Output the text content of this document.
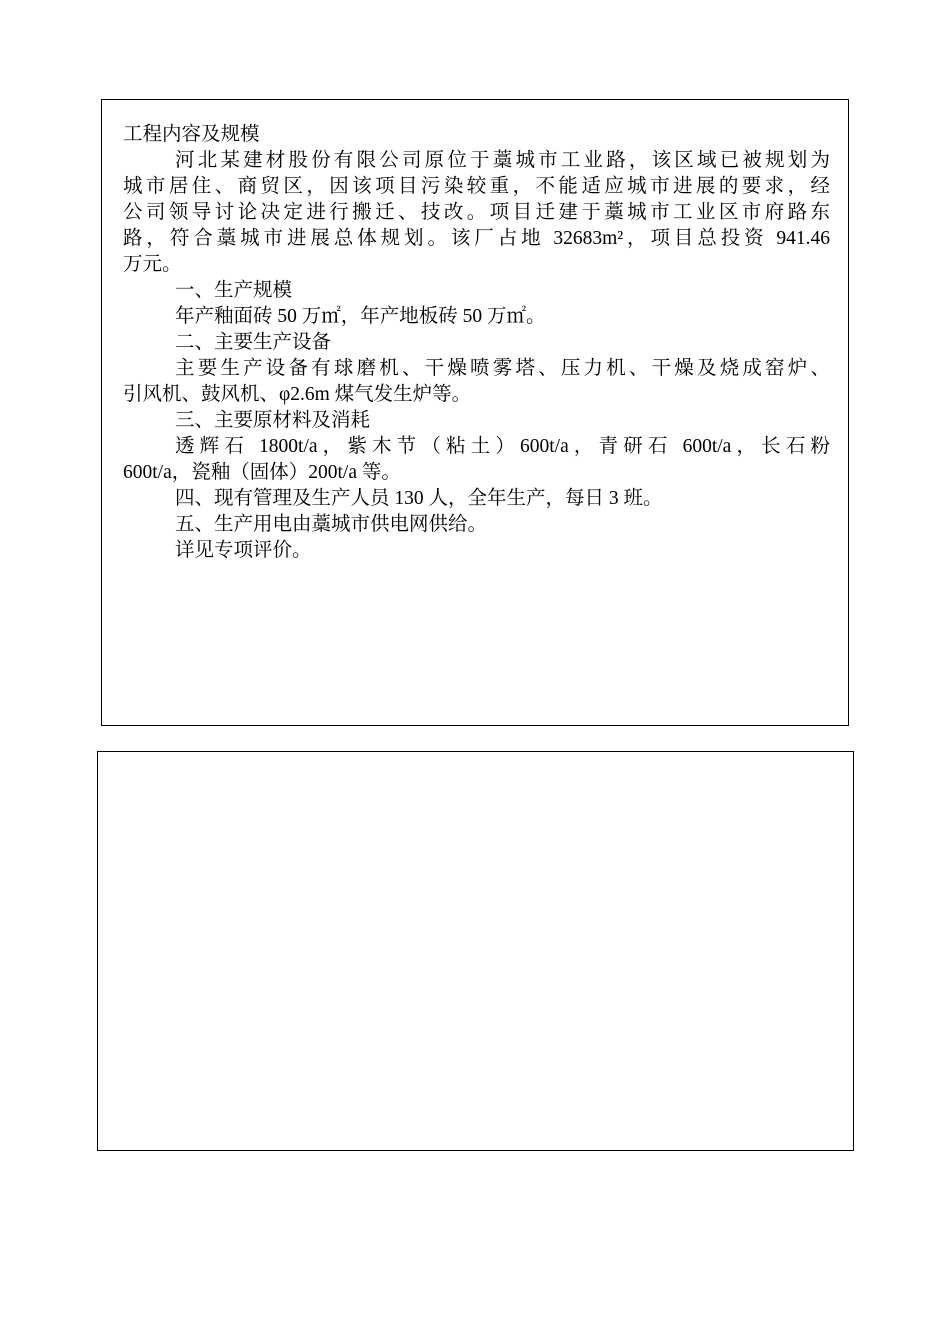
工程内容及规模

河北某建材股份有限公司原位于藁城市工业路，该区域已被规划为

城市居住、商贸区，因该项目污染较重，不能适应城市进展的要求，经

公司领导讨论决定进行搬迁、技改。项目迁建于藁城市工业区市府路东

路，符合藁城市进展总体规划。该厂占地 32683m²，项目总投资 941.46

万元。

一、生产规模

年产釉面砖 50 万㎡，年产地板砖 50 万㎡。

二、主要生产设备

主要生产设备有球磨机、干燥喷雾塔、压力机、干燥及烧成窑炉、

引风机、鼓风机、φ2.6m 煤气发生炉等。

三、主要原材料及消耗

透辉石 1800t/a，紫木节（粘土）600t/a，青研石 600t/a，长石粉

600t/a，瓷釉（固体）200t/a 等。

四、现有管理及生产人员 130 人，全年生产，每日 3 班。

五、生产用电由藁城市供电网供给。

详见专项评价。
